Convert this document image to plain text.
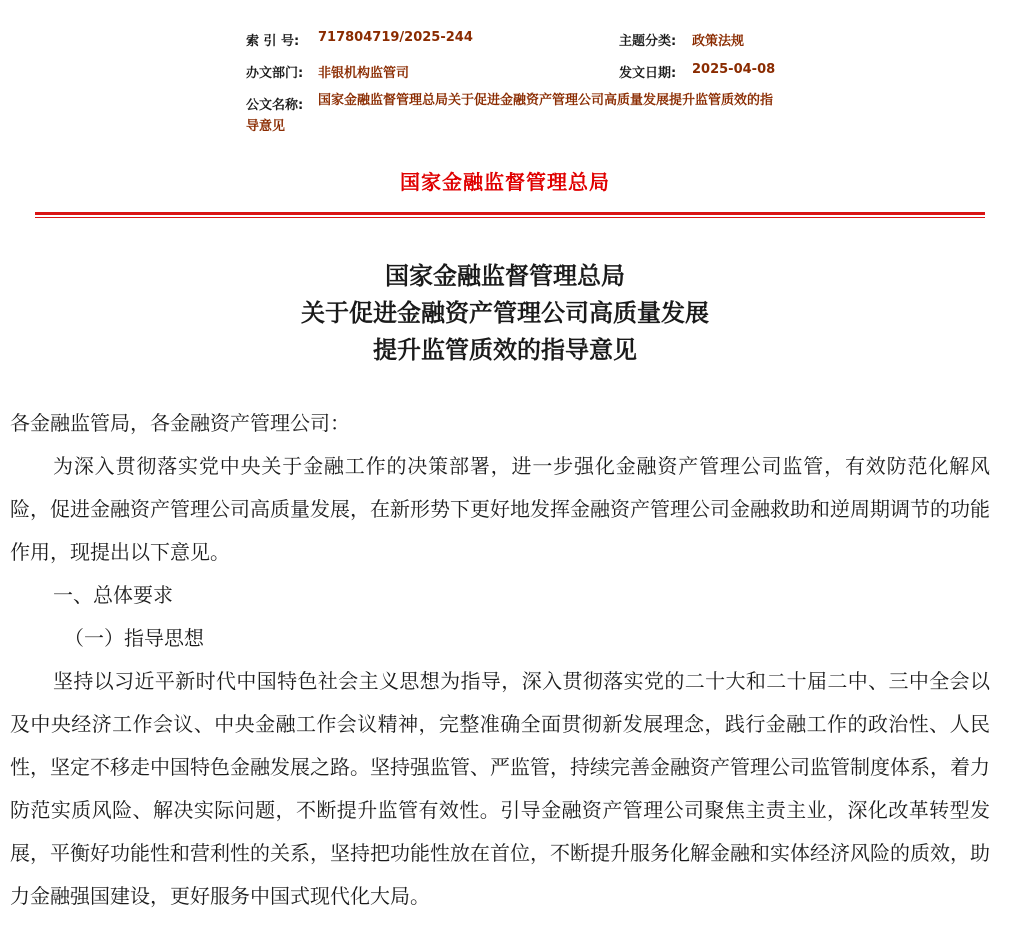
索 引 号: 717804719/2025-244	主题分类: 政策法规
办文部门: 非银机构监管司	发文日期: 2025-04-08
公文名称: 国家金融监督管理总局关于促进金融资产管理公司高质量发展提升监管质效的指
导意见
国家金融监督管理总局
国家金融监督管理总局
关于促进金融资产管理公司高质量发展
提升监管质效的指导意见

各金融监管局，各金融资产管理公司：

为深入贯彻落实党中央关于金融工作的决策部署，进一步强化金融资产管理公司监管，有效防范化解风险，促进金融资产管理公司高质量发展，在新形势下更好地发挥金融资产管理公司金融救助和逆周期调节的功能作用，现提出以下意见。

一、总体要求

（一）指导思想

坚持以习近平新时代中国特色社会主义思想为指导，深入贯彻落实党的二十大和二十届二中、三中全会以及中央经济工作会议、中央金融工作会议精神，完整准确全面贯彻新发展理念，践行金融工作的政治性、人民性，坚定不移走中国特色金融发展之路。坚持强监管、严监管，持续完善金融资产管理公司监管制度体系，着力防范实质风险、解决实际问题，不断提升监管有效性。引导金融资产管理公司聚焦主责主业，深化改革转型发展，平衡好功能性和营利性的关系，坚持把功能性放在首位，不断提升服务化解金融和实体经济风险的质效，助力金融强国建设，更好服务中国式现代化大局。
